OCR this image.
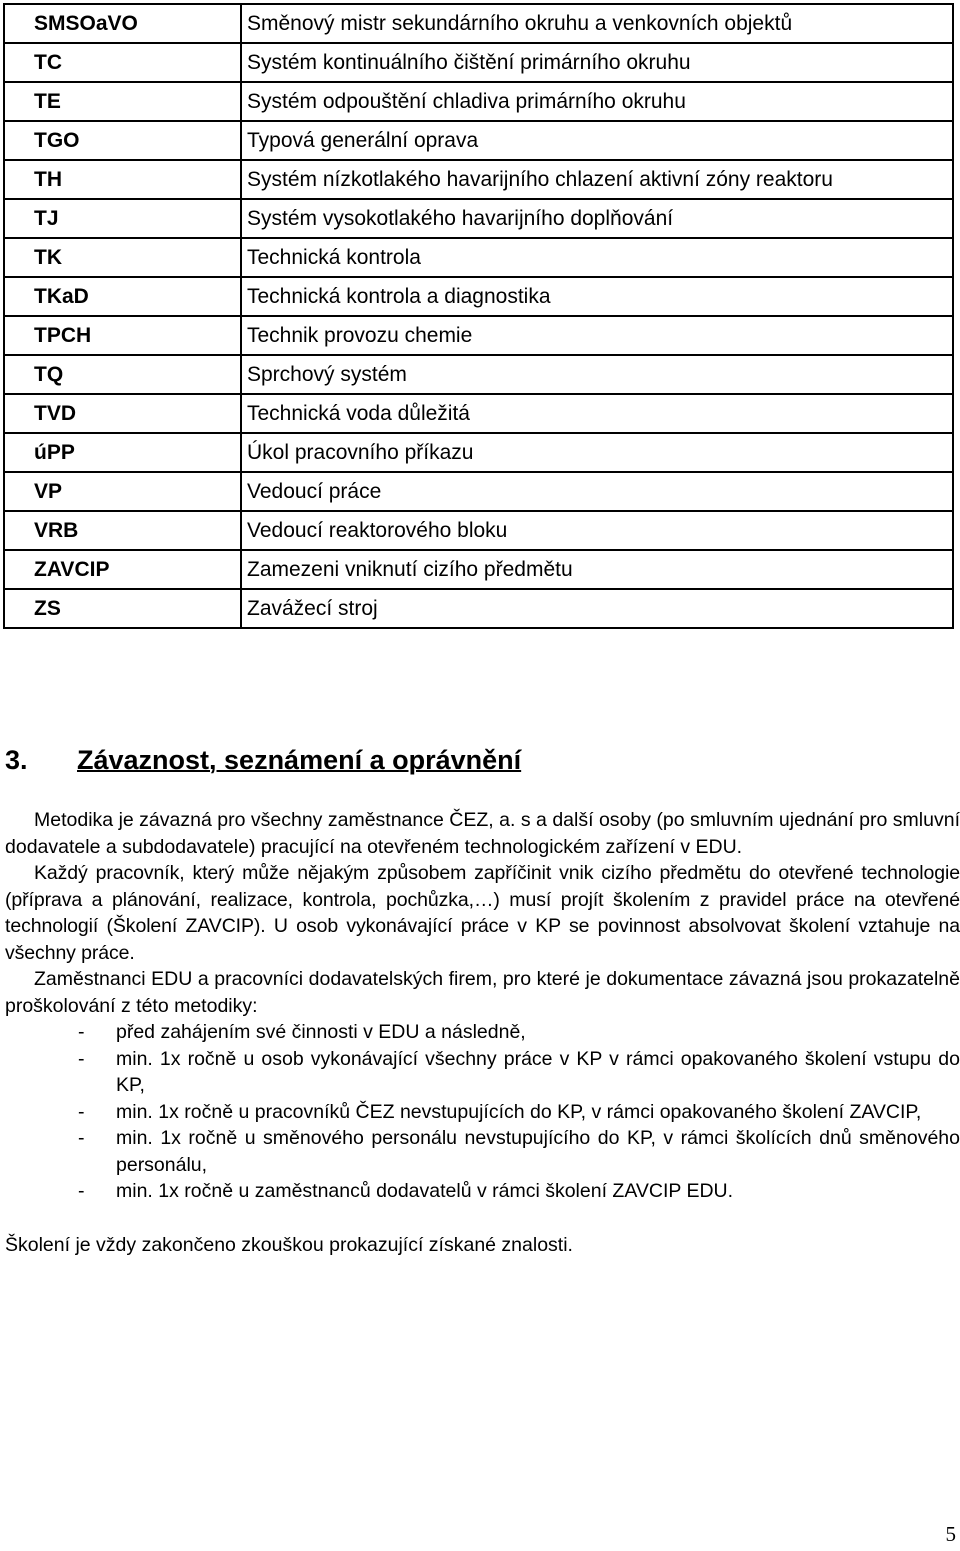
SMSOaVO	Směnový mistr sekundárního okruhu a venkovních objektů
TC	Systém kontinuálního čištění primárního okruhu
TE	Systém odpouštění chladiva primárního okruhu
TGO	Typová generální oprava
TH	Systém nízkotlakého havarijního chlazení aktivní zóny reaktoru
TJ	Systém vysokotlakého havarijního doplňování
TK	Technická kontrola
TKaD	Technická kontrola a diagnostika
TPCH	Technik provozu chemie
TQ	Sprchový systém
TVD	Technická voda důležitá
úPP	Úkol pracovního příkazu
VP	Vedoucí práce
VRB	Vedoucí reaktorového bloku
ZAVCIP	Zamezeni vniknutí cizího předmětu
ZS	Zavážecí stroj
3. Závaznost, seznámení a oprávnění

Metodika je závazná pro všechny zaměstnance ČEZ, a. s a další osoby (po smluvním ujednání pro smluvní dodavatele a subdodavatele) pracující na otevřeném technologickém zařízení v EDU.

Každý pracovník, který může nějakým způsobem zapříčinit vnik cizího předmětu do otevřené technologie (příprava a plánování, realizace, kontrola, pochůzka,…) musí projít školením z pravidel práce na otevřené technologií (Školení ZAVCIP). U osob vykonávající práce v KP se povinnost absolvovat školení vztahuje na všechny práce.

Zaměstnanci EDU a pracovníci dodavatelských firem, pro které je dokumentace závazná jsou prokazatelně proškolování z této metodiky:

- před zahájením své činnosti v EDU a následně,
- min. 1x ročně u osob vykonávající všechny práce v KP v rámci opakovaného školení vstupu do KP,
- min. 1x ročně u pracovníků ČEZ nevstupujících do KP, v rámci opakovaného školení ZAVCIP,
- min. 1x ročně u směnového personálu nevstupujícího do KP, v rámci školících dnů směnového personálu,
- min. 1x ročně u zaměstnanců dodavatelů v rámci školení ZAVCIP EDU.

Školení je vždy zakončeno zkouškou prokazující získané znalosti.

5
